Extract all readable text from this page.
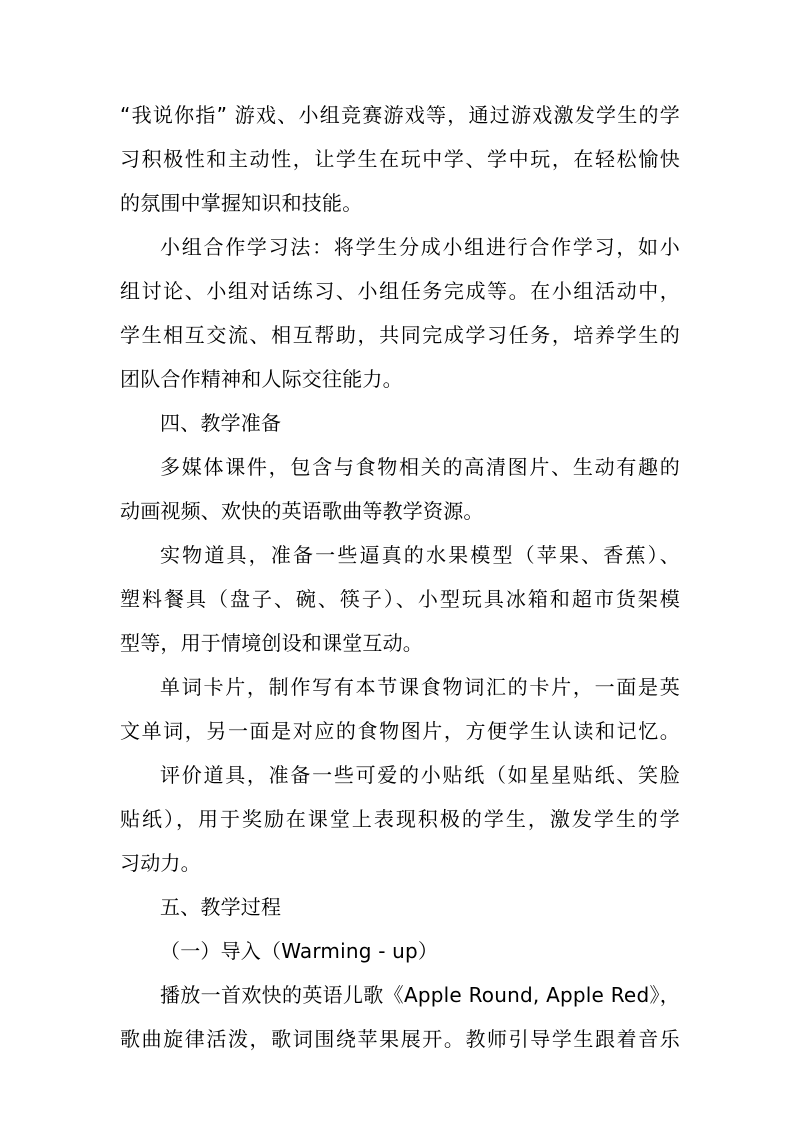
“我说你指” 游戏、小组竞赛游戏等，通过游戏激发学生的学
习积极性和主动性，让学生在玩中学、学中玩，在轻松愉快
的氛围中掌握知识和技能。
小组合作学习法：将学生分成小组进行合作学习，如小
组讨论、小组对话练习、小组任务完成等。在小组活动中，
学生相互交流、相互帮助，共同完成学习任务，培养学生的
团队合作精神和人际交往能力。
四、教学准备
多媒体课件，包含与食物相关的高清图片、生动有趣的
动画视频、欢快的英语歌曲等教学资源。
实物道具，准备一些逼真的水果模型（苹果、香蕉）、
塑料餐具（盘子、碗、筷子）、小型玩具冰箱和超市货架模
型等，用于情境创设和课堂互动。
单词卡片，制作写有本节课食物词汇的卡片，一面是英
文单词，另一面是对应的食物图片，方便学生认读和记忆。
评价道具，准备一些可爱的小贴纸（如星星贴纸、笑脸
贴纸），用于奖励在课堂上表现积极的学生，激发学生的学
习动力。
五、教学过程
（一）导入（Warming - up）
播放一首欢快的英语儿歌《Apple Round, Apple Red》，
歌曲旋律活泼，歌词围绕苹果展开。教师引导学生跟着音乐
